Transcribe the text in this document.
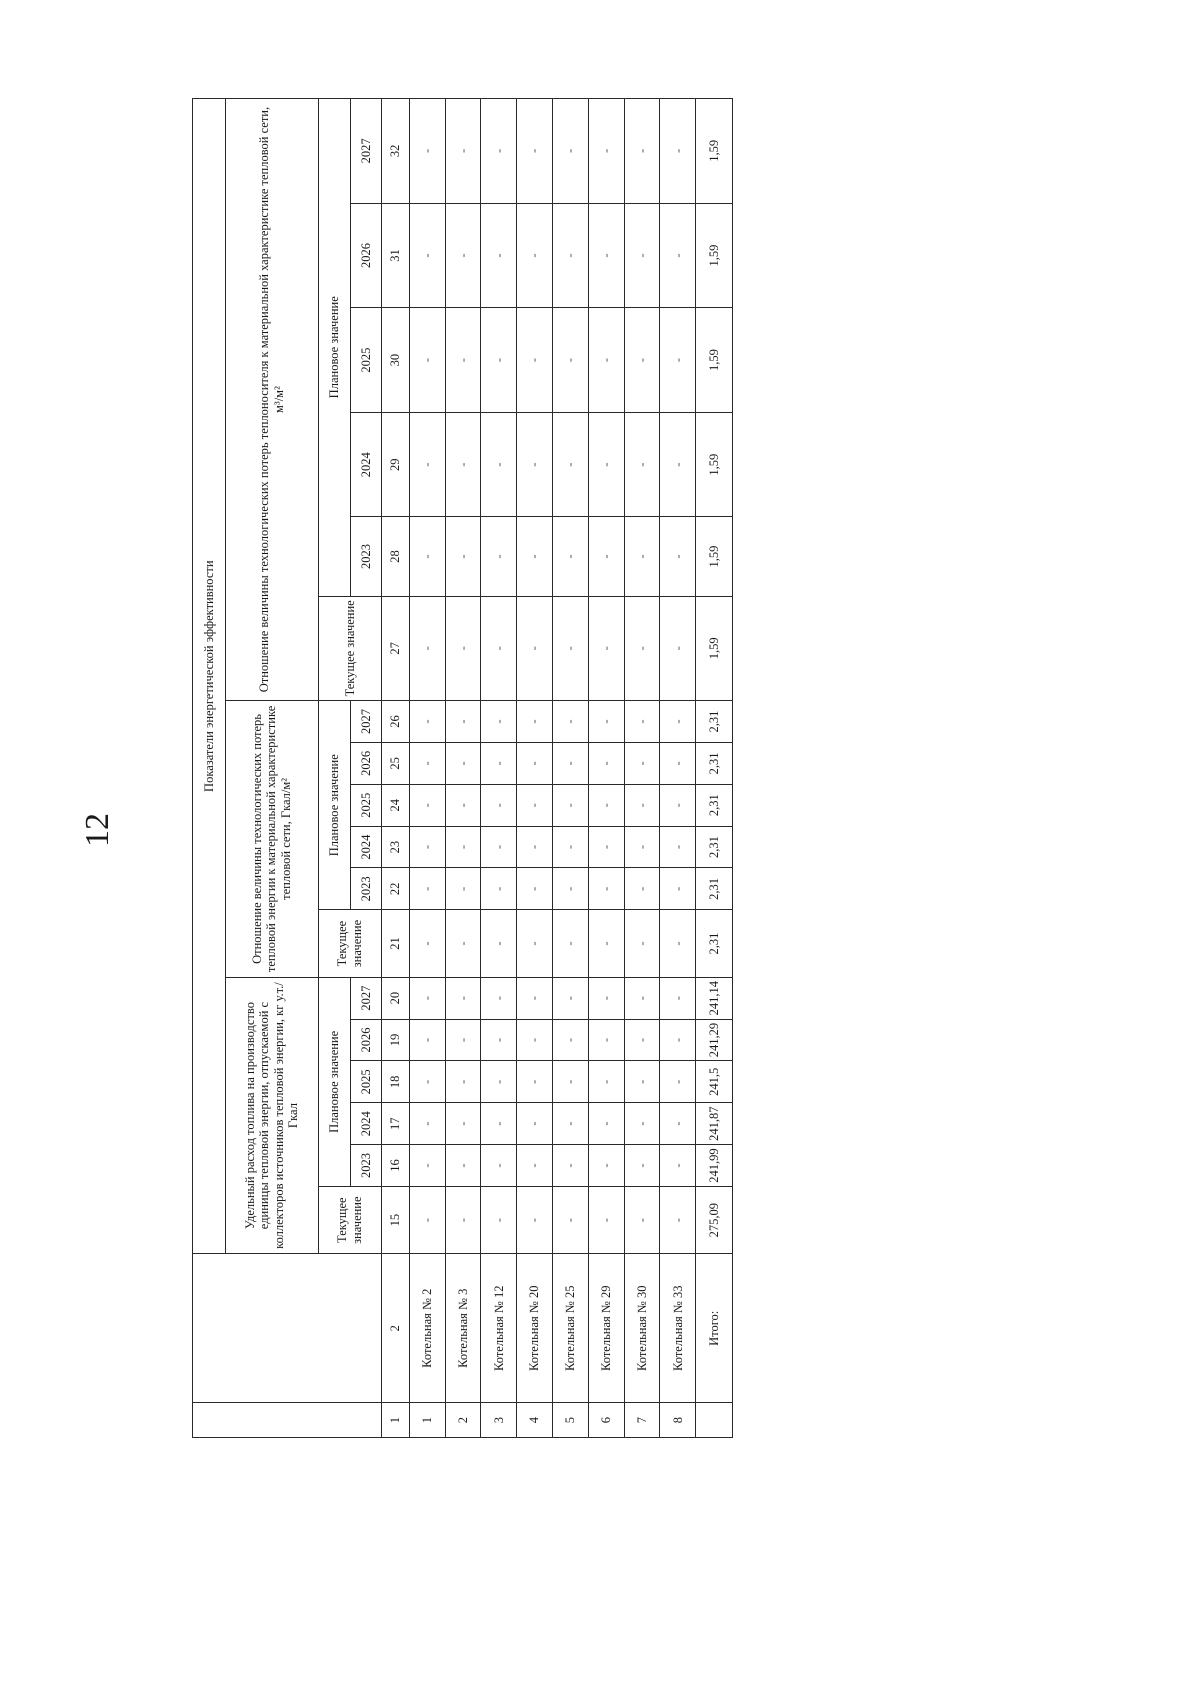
12
		Показатели энергетической эффективности																	
		Удельный расход топлива на производство единицы тепловой энергии, отпускаемой с коллекторов источников тепловой энергии, кг у.т./Гкал						Отношение величины технологических потерь тепловой энергии к материальной характеристике тепловой сети, Гкал/м²						Отношение величины технологических потерь теплоносителя к материальной характеристике тепловой сети, м³/м²					
		Текущее значение	Плановое значение					Текущее значение	Плановое значение					Текущее значение	Плановое значение				
			2023	2024	2025	2026	2027		2023	2024	2025	2026	2027		2023	2024	2025	2026	2027
1	2	15	16	17	18	19	20	21	22	23	24	25	26	27	28	29	30	31	32
1	Котельная № 2	-	-	-	-	-	-	-	-	-	-	-	-	-	-	-	-	-	-
2	Котельная № 3	-	-	-	-	-	-	-	-	-	-	-	-	-	-	-	-	-	-
3	Котельная № 12	-	-	-	-	-	-	-	-	-	-	-	-	-	-	-	-	-	-
4	Котельная № 20	-	-	-	-	-	-	-	-	-	-	-	-	-	-	-	-	-	-
5	Котельная № 25	-	-	-	-	-	-	-	-	-	-	-	-	-	-	-	-	-	-
6	Котельная № 29	-	-	-	-	-	-	-	-	-	-	-	-	-	-	-	-	-	-
7	Котельная № 30	-	-	-	-	-	-	-	-	-	-	-	-	-	-	-	-	-	-
8	Котельная № 33	-	-	-	-	-	-	-	-	-	-	-	-	-	-	-	-	-	-
	Итого:	275,09	241,99	241,87	241,5	241,29	241,14	2,31	2,31	2,31	2,31	2,31	2,31	1,59	1,59	1,59	1,59	1,59	1,59
